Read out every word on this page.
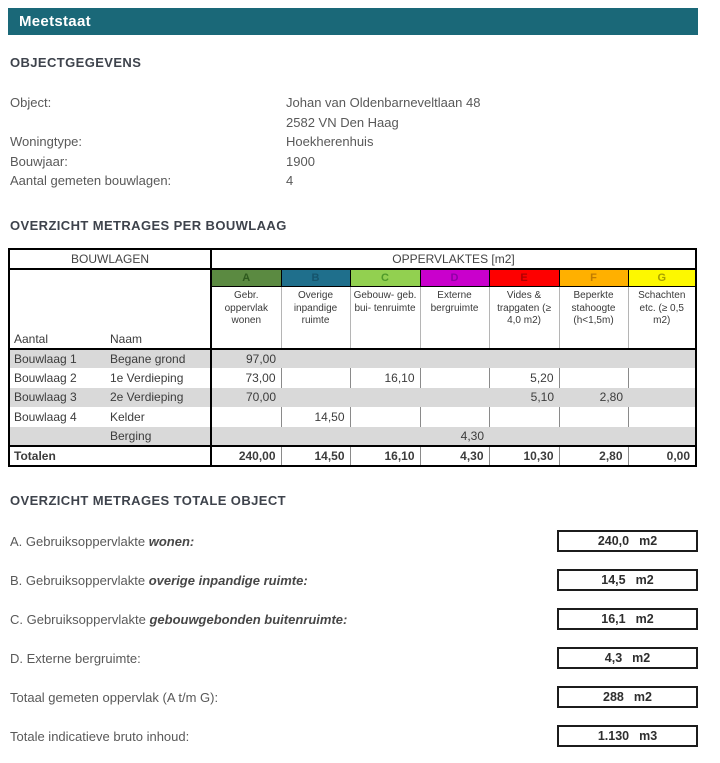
Meetstaat
OBJECTGEGEVENS
Object:	Johan van Oldenbarneveltlaan 48
2582 VN Den Haag
Woningtype:	Hoekherenhuis
Bouwjaar:	1900
Aantal gemeten bouwlagen:	4
OVERZICHT METRAGES PER BOUWLAAG
BOUWLAGEN		OPPERVLAKTES [m2]						

Aantal Naam		A	B	C	D	E	F	G
		Gebr. oppervlak wonen	Overige inpandige ruimte	Gebouw- geb. bui- tenruimte	Externe bergruimte	Vides & trapgaten (≥ 4,0 m2)	Beperkte stahoogte (h<1,5m)	Schachten etc. (≥ 0,5 m2)
Bouwlaag 1	Begane grond	97,00						
Bouwlaag 2	1e Verdieping	73,00		16,10		5,20		
Bouwlaag 3	2e Verdieping	70,00				5,10	2,80	
Bouwlaag 4	Kelder		14,50					
	Berging				4,30			
Totalen		240,00	14,50	16,10	4,30	10,30	2,80	0,00
OVERZICHT METRAGES TOTALE OBJECT
A. Gebruiksoppervlakte wonen:	240,0 m2
B. Gebruiksoppervlakte overige inpandige ruimte:	14,5 m2
C. Gebruiksoppervlakte gebouwgebonden buitenruimte:	16,1 m2
D. Externe bergruimte:	4,3 m2
Totaal gemeten oppervlak (A t/m G):	288 m2
Totale indicatieve bruto inhoud:	1.130 m3
